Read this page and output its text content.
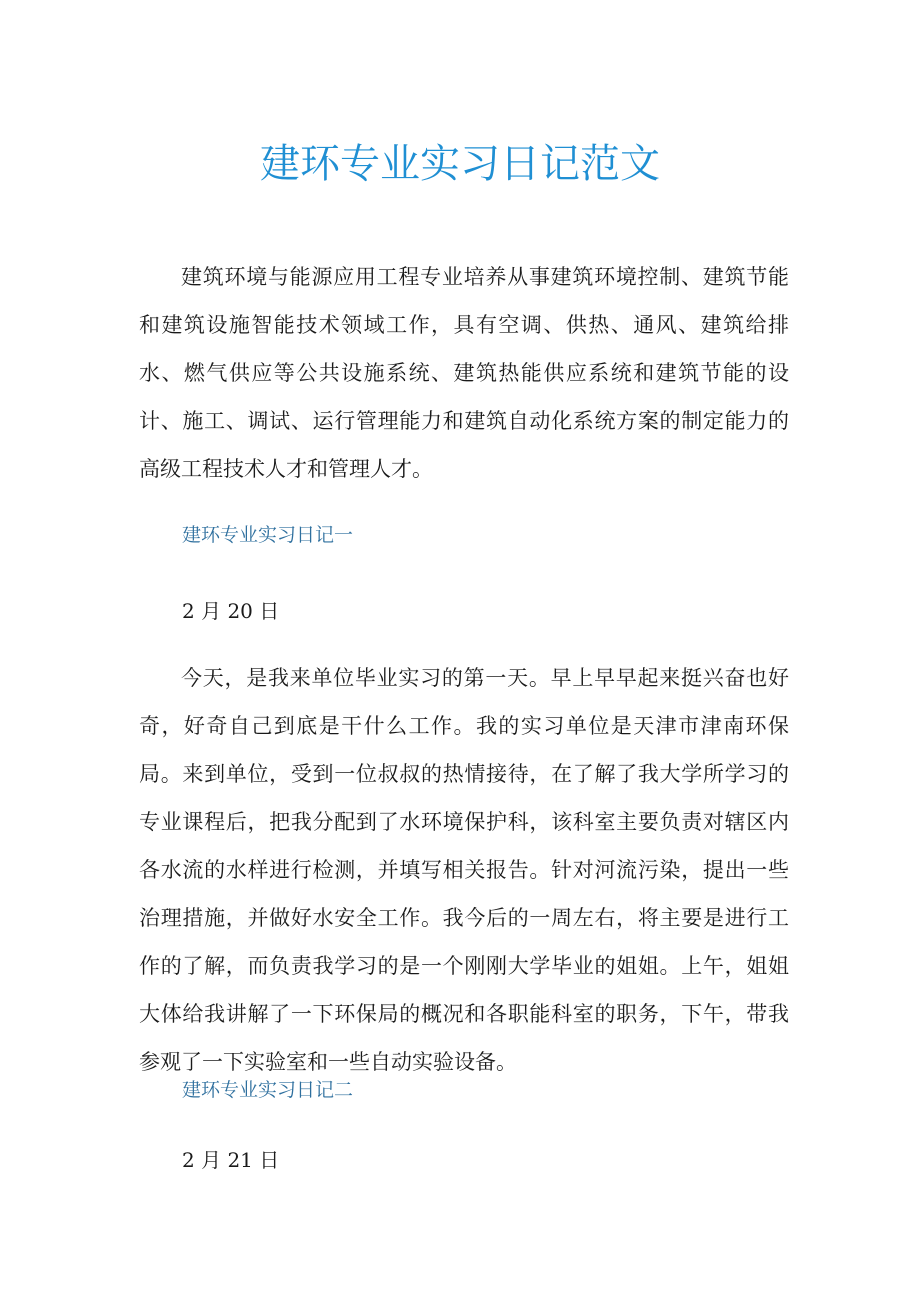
建环专业实习日记范文

建筑环境与能源应用工程专业培养从事建筑环境控制、建筑节能和建筑设施智能技术领域工作，具有空调、供热、通风、建筑给排水、燃气供应等公共设施系统、建筑热能供应系统和建筑节能的设计、施工、调试、运行管理能力和建筑自动化系统方案的制定能力的高级工程技术人才和管理人才。

建环专业实习日记一

2 月 20 日

今天，是我来单位毕业实习的第一天。早上早早起来挺兴奋也好奇，好奇自己到底是干什么工作。我的实习单位是天津市津南环保局。来到单位，受到一位叔叔的热情接待，在了解了我大学所学习的专业课程后，把我分配到了水环境保护科，该科室主要负责对辖区内各水流的水样进行检测，并填写相关报告。针对河流污染，提出一些治理措施，并做好水安全工作。我今后的一周左右，将主要是进行工作的了解，而负责我学习的是一个刚刚大学毕业的姐姐。上午，姐姐大体给我讲解了一下环保局的概况和各职能科室的职务，下午，带我参观了一下实验室和一些自动实验设备。

建环专业实习日记二

2 月 21 日
